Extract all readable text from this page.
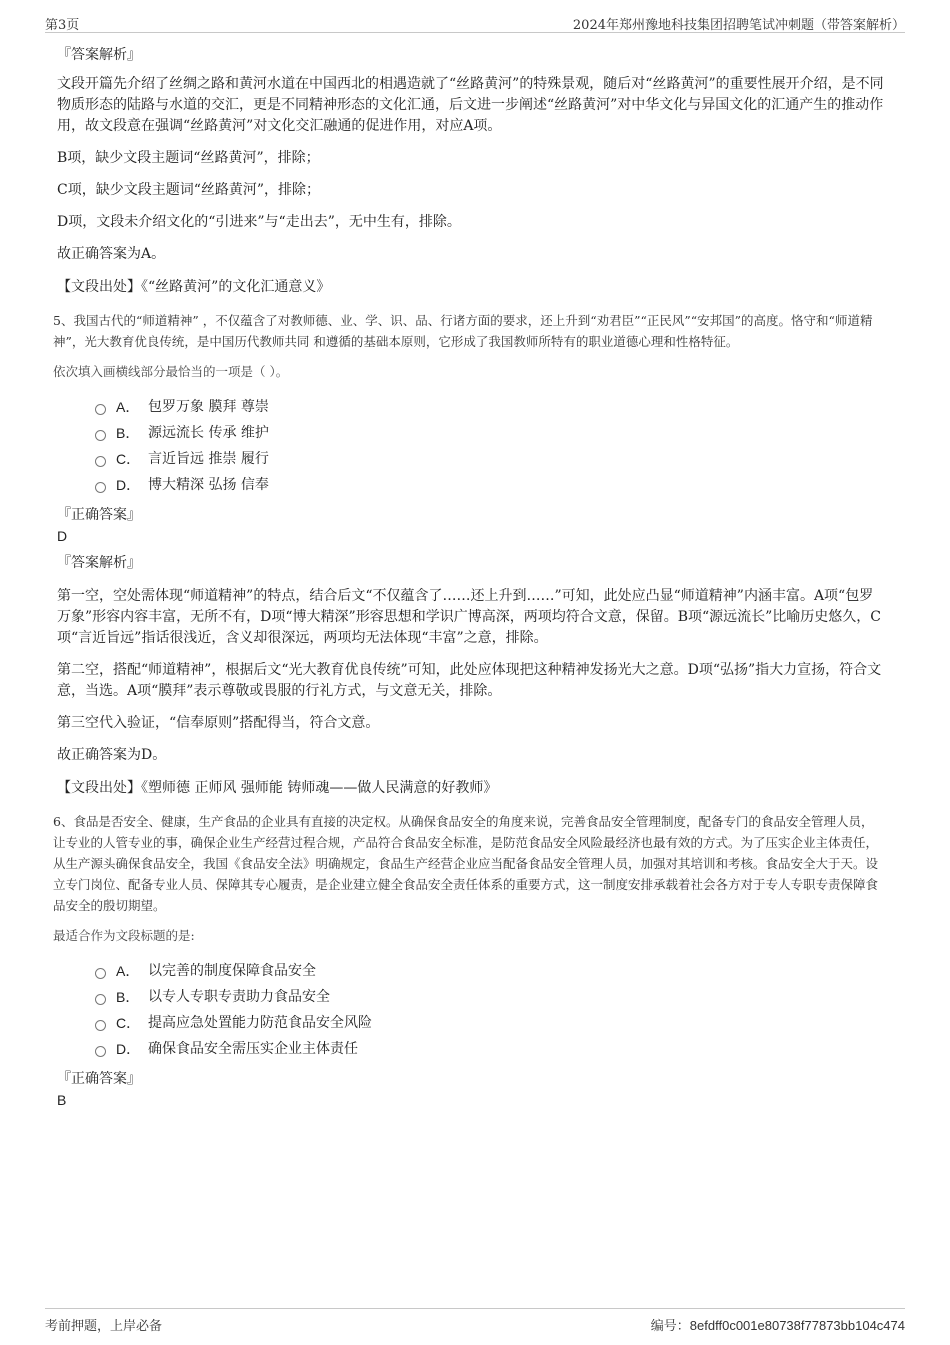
第3页	2024年郑州豫地科技集团招聘笔试冲刺题（带答案解析）
『答案解析』
文段开篇先介绍了丝绸之路和黄河水道在中国西北的相遇造就了“丝路黄河”的特殊景观，随后对“丝路黄河”的重要性展开介绍，是不同物质形态的陆路与水道的交汇，更是不同精神形态的文化汇通，后文进一步阐述“丝路黄河”对中华文化与异国文化的汇通产生的推动作用，故文段意在强调“丝路黄河”对文化交汇融通的促进作用，对应A项。
B项，缺少文段主题词“丝路黄河”，排除；
C项，缺少文段主题词“丝路黄河”，排除；
D项，文段未介绍文化的“引进来”与“走出去”，无中生有，排除。
故正确答案为A。
【文段出处】《“丝路黄河”的文化汇通意义》
5、我国古代的“师道精神” ，不仅蕴含了对教师德、业、学、识、品、行诸方面的要求，还上升到“劝君臣”“正民风”“安邦国”的高度。恪守和“师道精神”，光大教育优良传统，是中国历代教师共同 和遵循的基础本原则，它形成了我国教师所特有的职业道德心理和性格特征。
依次填入画横线部分最恰当的一项是（ ）。
A． 包罗万象 膜拜 尊崇
B． 源远流长 传承 维护
C． 言近旨远 推崇 履行
D． 博大精深 弘扬 信奉
『正确答案』
D
『答案解析』
第一空，空处需体现“师道精神”的特点，结合后文“不仅蕴含了……还上升到……”可知，此处应凸显“师道精神”内涵丰富。A项“包罗万象”形容内容丰富，无所不有，D项“博大精深”形容思想和学识广博高深，两项均符合文意，保留。B项“源远流长”比喻历史悠久，C项“言近旨远”指话很浅近，含义却很深远，两项均无法体现“丰富”之意，排除。
第二空，搭配“师道精神”，根据后文“光大教育优良传统”可知，此处应体现把这种精神发扬光大之意。D项“弘扬”指大力宣扬，符合文意，当选。A项“膜拜”表示尊敬或畏服的行礼方式，与文意无关，排除。
第三空代入验证，“信奉原则”搭配得当，符合文意。
故正确答案为D。
【文段出处】《塑师德 正师风 强师能 铸师魂——做人民满意的好教师》
6、食品是否安全、健康，生产食品的企业具有直接的决定权。从确保食品安全的角度来说，完善食品安全管理制度，配备专门的食品安全管理人员，让专业的人管专业的事，确保企业生产经营过程合规，产品符合食品安全标准，是防范食品安全风险最经济也最有效的方式。为了压实企业主体责任，从生产源头确保食品安全，我国《食品安全法》明确规定，食品生产经营企业应当配备食品安全管理人员，加强对其培训和考核。食品安全大于天。设立专门岗位、配备专业人员、保障其专心履责，是企业建立健全食品安全责任体系的重要方式，这一制度安排承载着社会各方对于专人专职专责保障食品安全的殷切期望。
最适合作为文段标题的是:
A． 以完善的制度保障食品安全
B． 以专人专职专责助力食品安全
C． 提高应急处置能力防范食品安全风险
D． 确保食品安全需压实企业主体责任
『正确答案』
B
考前押题，上岸必备	编号：8efdff0c001e80738f77873bb104c474
